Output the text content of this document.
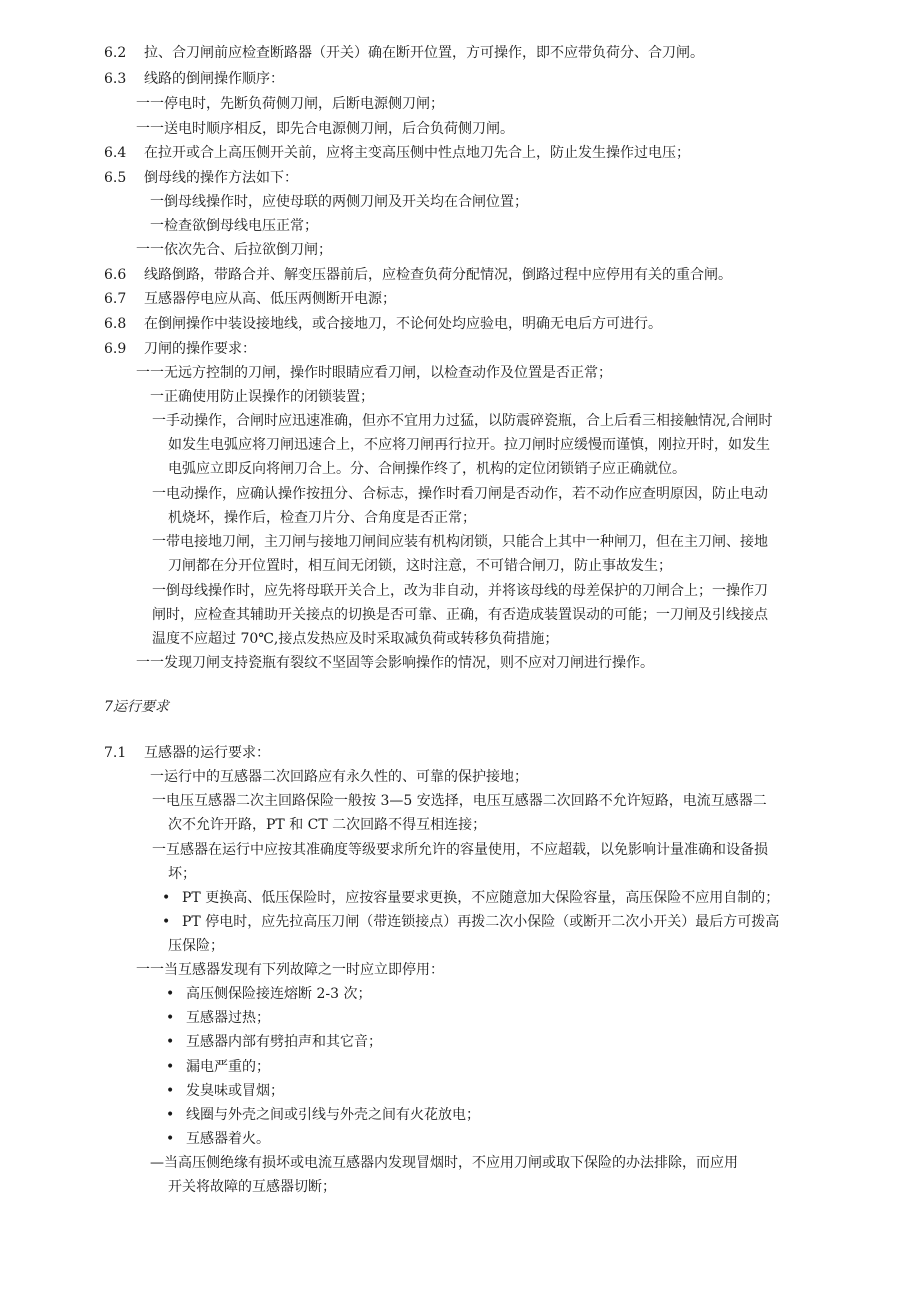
6.2 拉、合刀闸前应检查断路器（开关）确在断开位置，方可操作，即不应带负荷分、合刀闸。
6.3 线路的倒闸操作顺序：
一一停电时，先断负荷侧刀闸，后断电源侧刀闸；
一一送电时顺序相反，即先合电源侧刀闸，后合负荷侧刀闸。
6.4 在拉开或合上高压侧开关前，应将主变高压侧中性点地刀先合上，防止发生操作过电压；
6.5 倒母线的操作方法如下：
一倒母线操作时，应使母联的两侧刀闸及开关均在合闸位置；
一检查欲倒母线电压正常；
一一依次先合、后拉欲倒刀闸；
6.6 线路倒路，带路合并、解变压器前后，应检查负荷分配情况，倒路过程中应停用有关的重合闸。
6.7 互感器停电应从高、低压两侧断开电源；
6.8 在倒闸操作中装设接地线，或合接地刀，不论何处均应验电，明确无电后方可进行。
6.9 刀闸的操作要求：
一一无远方控制的刀闸，操作时眼睛应看刀闸，以检查动作及位置是否正常；
一正确使用防止误操作的闭锁装置；
一手动操作，合闸时应迅速准确，但亦不宜用力过猛，以防震碎瓷瓶，合上后看三相接触情况,合闸时
如发生电弧应将刀闸迅速合上，不应将刀闸再行拉开。拉刀闸时应缓慢而谨慎，刚拉开时，如发生
电弧应立即反向将闸刀合上。分、合闸操作终了，机构的定位闭锁销子应正确就位。
一电动操作，应确认操作按扭分、合标志，操作时看刀闸是否动作，若不动作应查明原因，防止电动
机烧坏，操作后，检查刀片分、合角度是否正常；
一带电接地刀闸，主刀闸与接地刀闸间应装有机构闭锁，只能合上其中一种闸刀，但在主刀闸、接地
刀闸都在分开位置时，相互间无闭锁，这时注意，不可错合闸刀，防止事故发生；
一倒母线操作时，应先将母联开关合上，改为非自动，并将该母线的母差保护的刀闸合上；一操作刀
闸时，应检查其辅助开关接点的切换是否可靠、正确，有否造成装置误动的可能；一刀闸及引线接点
温度不应超过 70℃,接点发热应及时采取减负荷或转移负荷措施；
一一发现刀闸支持瓷瓶有裂纹不坚固等会影响操作的情况，则不应对刀闸进行操作。
7运行要求
7.1 互感器的运行要求：
一运行中的互感器二次回路应有永久性的、可靠的保护接地；
一电压互感器二次主回路保险一般按 3—5 安选择，电压互感器二次回路不允许短路，电流互感器二
次不允许开路，PT 和 CT 二次回路不得互相连接；
一互感器在运行中应按其准确度等级要求所允许的容量使用，不应超载，以免影响计量准确和设备损
坏；
• PT 更换高、低压保险时，应按容量要求更换，不应随意加大保险容量，高压保险不应用自制的；
• PT 停电时，应先拉高压刀闸（带连锁接点）再拨二次小保险（或断开二次小开关）最后方可拨高
压保险；
一一当互感器发现有下列故障之一时应立即停用：
• 高压侧保险接连熔断 2-3 次；
• 互感器过热；
• 互感器内部有劈拍声和其它音；
• 漏电严重的；
• 发臭味或冒烟；
• 线圈与外壳之间或引线与外壳之间有火花放电；
• 互感器着火。
—当高压侧绝缘有损坏或电流互感器内发现冒烟时，不应用刀闸或取下保险的办法排除，而应用
开关将故障的互感器切断；
